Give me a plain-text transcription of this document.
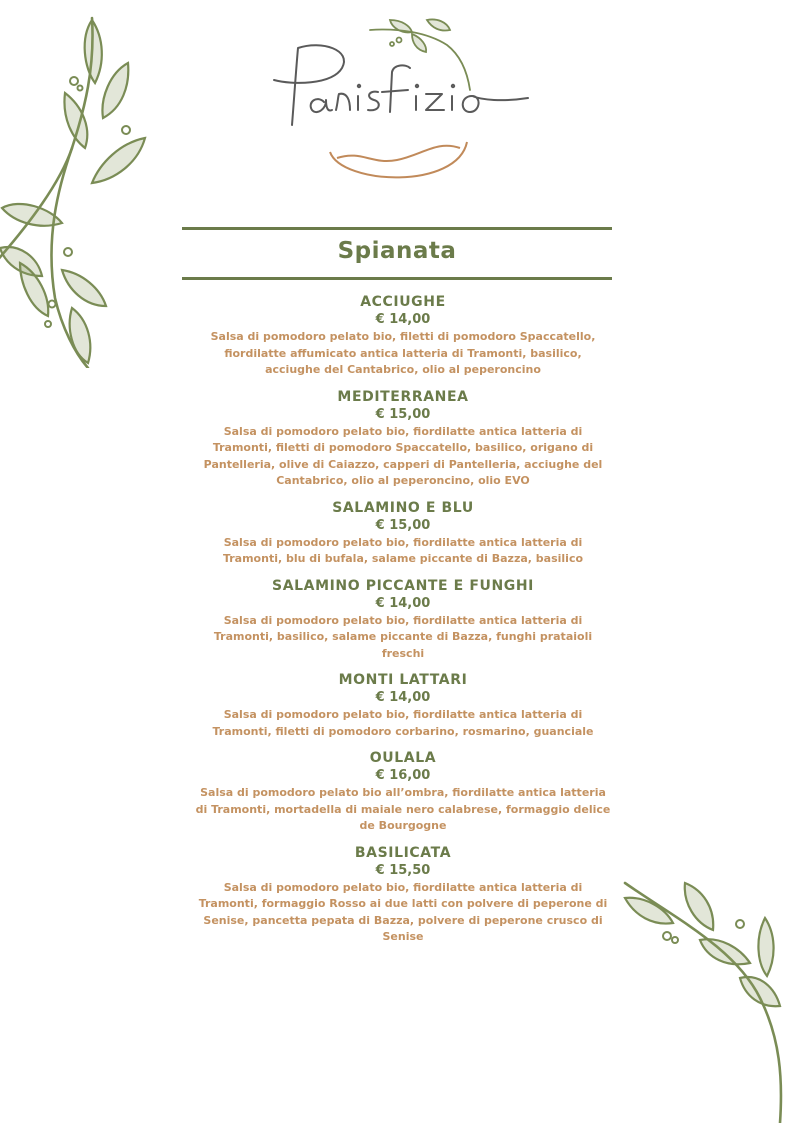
Spianata
ACCIUGHE
€ 14,00
Salsa di pomodoro pelato bio, filetti di pomodoro Spaccatello, fiordilatte affumicato antica latteria di Tramonti, basilico, acciughe del Cantabrico, olio al peperoncino
MEDITERRANEA
€ 15,00
Salsa di pomodoro pelato bio, fiordilatte antica latteria di Tramonti, filetti di pomodoro Spaccatello, basilico, origano di Pantelleria, olive di Caiazzo, capperi di Pantelleria, acciughe del Cantabrico, olio al peperoncino, olio EVO
SALAMINO E BLU
€ 15,00
Salsa di pomodoro pelato bio, fiordilatte antica latteria di Tramonti, blu di bufala, salame piccante di Bazza, basilico
SALAMINO PICCANTE E FUNGHI
€ 14,00
Salsa di pomodoro pelato bio, fiordilatte antica latteria di Tramonti, basilico, salame piccante di Bazza, funghi prataioli freschi
MONTI LATTARI
€ 14,00
Salsa di pomodoro pelato bio, fiordilatte antica latteria di Tramonti, filetti di pomodoro corbarino, rosmarino, guanciale
OULALA
€ 16,00
Salsa di pomodoro pelato bio all’ombra, fiordilatte antica latteria di Tramonti, mortadella di maiale nero calabrese, formaggio delice de Bourgogne
BASILICATA
€ 15,50
Salsa di pomodoro pelato bio, fiordilatte antica latteria di Tramonti, formaggio Rosso ai due latti con polvere di peperone di Senise, pancetta pepata di Bazza, polvere di peperone crusco di Senise
